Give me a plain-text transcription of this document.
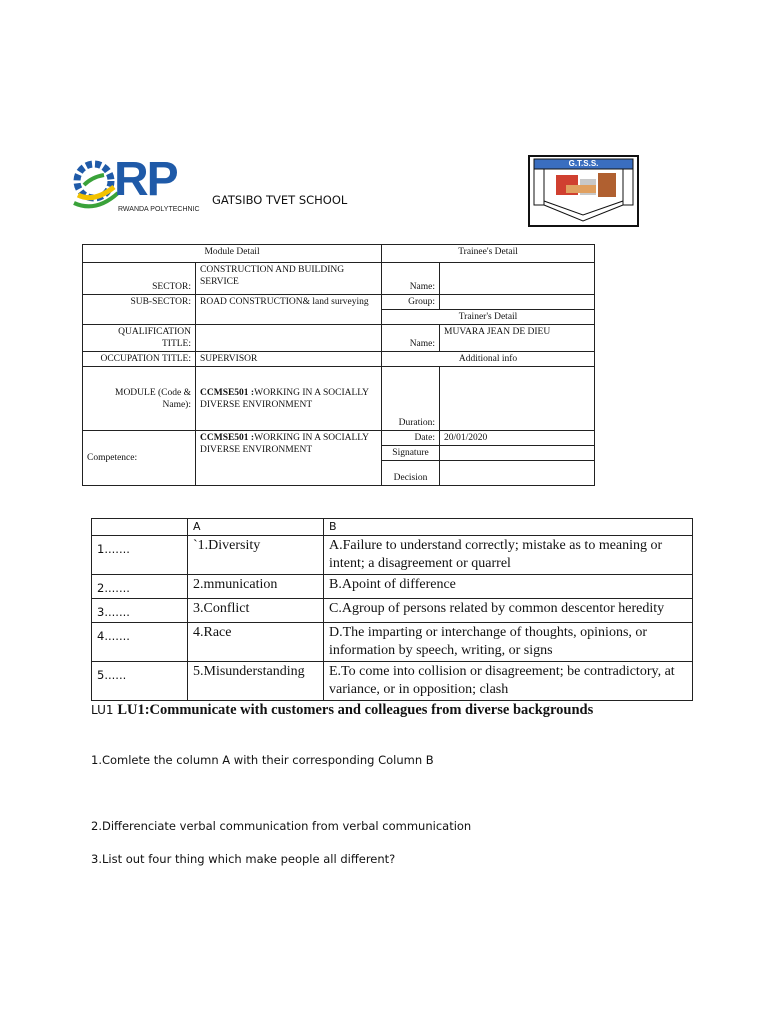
RP
RWANDA POLYTECHNIC
GATSIBO TVET SCHOOL
G.T.S.S.
Module Detail		Trainee's Detail	
SECTOR:	CONSTRUCTION AND BUILDING SERVICE	Name:	
SUB-SECTOR:	ROAD CONSTRUCTION& land surveying	Group:	
		Trainer's Detail	
QUALIFICATION TITLE:		Name:	MUVARA JEAN DE DIEU
OCCUPATION TITLE:	SUPERVISOR	Additional info	
MODULE (Code & Name):	CCMSE501 :WORKING IN A SOCIALLY DIVERSE ENVIRONMENT	Duration:	
Competence:	CCMSE501 :WORKING IN A SOCIALLY DIVERSE ENVIRONMENT	Date:	20/01/2020
		Signature	
		Decision	
	A	B
1.......	`1.Diversity	A.Failure to understand correctly; mistake as to meaning or intent; a disagreement or quarrel
2.......	2.mmunication	B.Apoint of difference
3.......	3.Conflict	C.Agroup of persons related by common descentor heredity
4.......	4.Race	D.The imparting or interchange of thoughts, opinions, or information by speech, writing, or signs
5......	5.Misunderstanding	E.To come into collision or disagreement; be contradictory, at variance, or in opposition; clash
LU1 LU1:Communicate with customers and colleagues from diverse backgrounds
1.Comlete the column A with their corresponding Column B
2.Differenciate verbal communication from verbal communication
3.List out four thing which make people all different?
